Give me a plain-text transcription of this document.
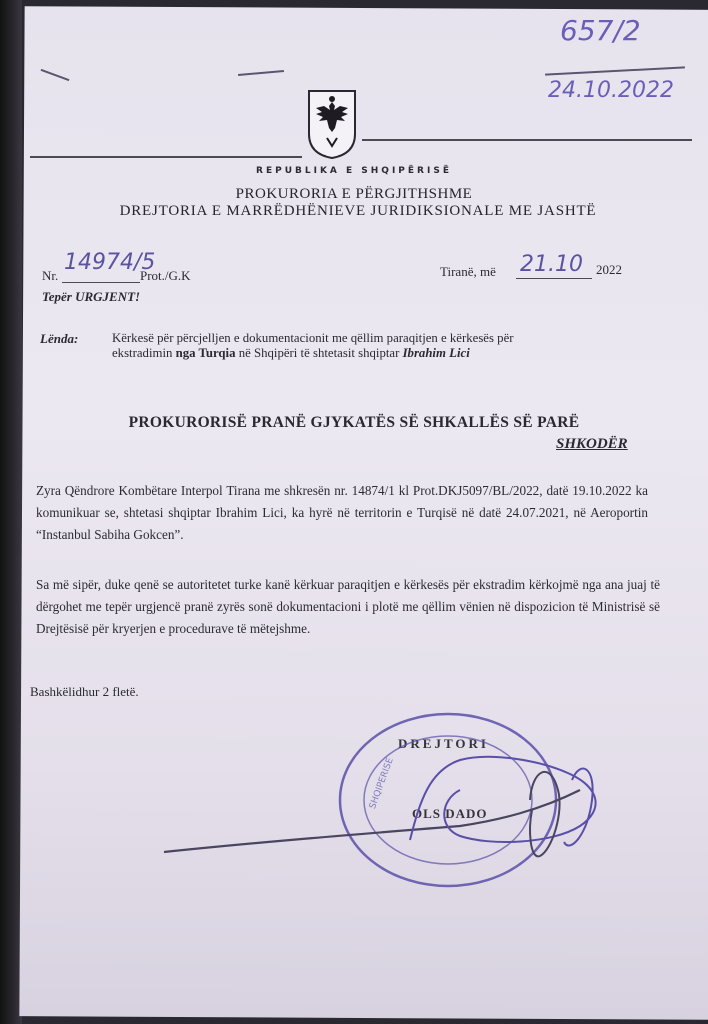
657/2
24.10.2022
REPUBLIKA E SHQIPËRISË
PROKURORIA E PËRGJITHSHME
DREJTORIA E MARRËDHËNIEVE JURIDIKSIONALE ME JASHTË
Nr.
14974/5
Prot./G.K	Tiranë, më 21.10 2022
Tepër URGJENT!
Lënda:	Kërkesë për përcjelljen e dokumentacionit me qëllim paraqitjen e kërkesës për
ekstradimin nga Turqia në Shqipëri të shtetasit shqiptar Ibrahim Lici
PROKURORISË PRANË GJYKATËS SË SHKALLËS SË PARË
SHKODËR
Zyra Qëndrore Kombëtare Interpol Tirana me shkresën nr. 14874/1 kl Prot.DKJ5097/BL/2022, datë 19.10.2022 ka komunikuar se, shtetasi shqiptar Ibrahim Lici, ka hyrë në territorin e Turqisë në datë 24.07.2021, në Aeroportin “Instanbul Sabiha Gokcen”.
Sa më sipër, duke qenë se autoritetet turke kanë kërkuar paraqitjen e kërkesës për ekstradim kërkojmë nga ana juaj të dërgohet me tepër urgjencë pranë zyrës sonë dokumentacioni i plotë me qëllim vënien në dispozicion të Ministrisë së Drejtësisë për kryerjen e procedurave të mëtejshme.
Bashkëlidhur 2 fletë.
DREJTORI
OLS DADO
SHQIPERISE
